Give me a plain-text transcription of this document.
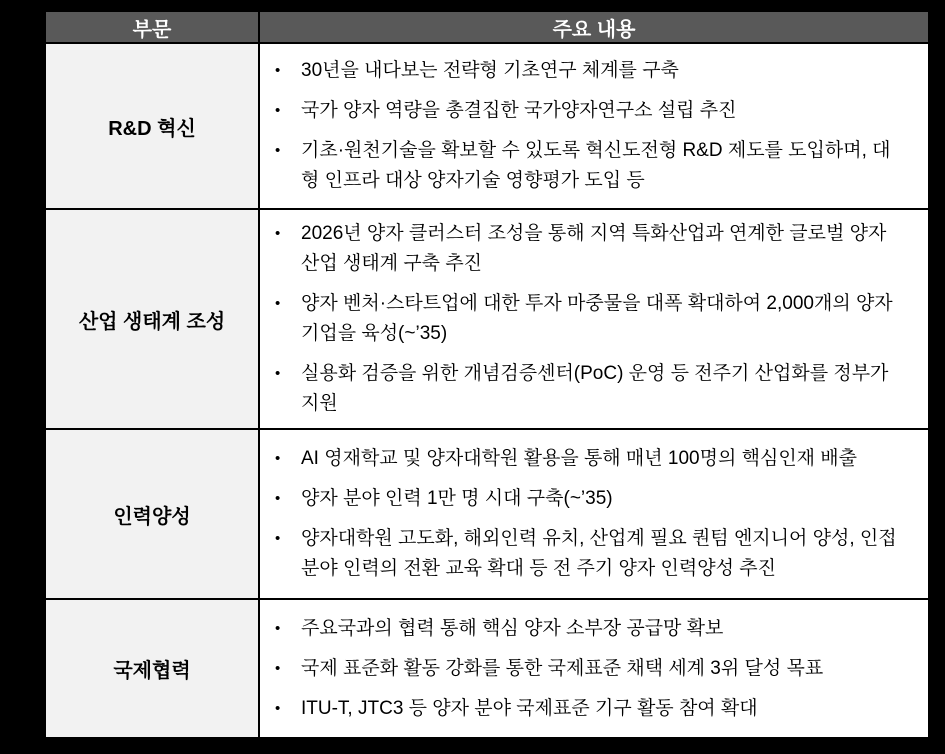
부문	주요 내용
R&D 혁신
•	30년을 내다보는 전략형 기초연구 체계를 구축
•	국가 양자 역량을 총결집한 국가양자연구소 설립 추진
•	기초·원천기술을 확보할 수 있도록 혁신도전형 R&D 제도를 도입하며, 대형 인프라 대상 양자기술 영향평가 도입 등
산업 생태계 조성
•	2026년 양자 클러스터 조성을 통해 지역 특화산업과 연계한 글로벌 양자 산업 생태계 구축 추진
•	양자 벤처·스타트업에 대한 투자 마중물을 대폭 확대하여 2,000개의 양자 기업을 육성(~’35)
•	실용화 검증을 위한 개념검증센터(PoC) 운영 등 전주기 산업화를 정부가 지원
인력양성
•	AI 영재학교 및 양자대학원 활용을 통해 매년 100명의 핵심인재 배출
•	양자 분야 인력 1만 명 시대 구축(~’35)
•	양자대학원 고도화, 해외인력 유치, 산업계 필요 퀀텀 엔지니어 양성, 인접분야 인력의 전환 교육 확대 등 전 주기 양자 인력양성 추진
국제협력
•	주요국과의 협력 통해 핵심 양자 소부장 공급망 확보
•	국제 표준화 활동 강화를 통한 국제표준 채택 세계 3위 달성 목표
•	ITU-T, JTC3 등 양자 분야 국제표준 기구 활동 참여 확대
